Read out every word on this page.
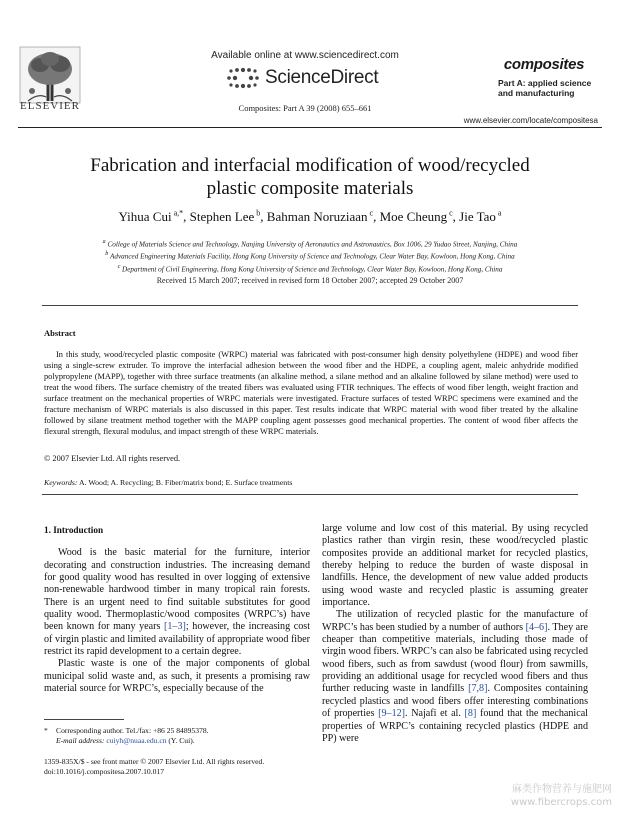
ELSEVIER
Available online at www.sciencedirect.com
ScienceDirect
Composites: Part A 39 (2008) 655–661
composites
Part A: applied science
and manufacturing
www.elsevier.com/locate/compositesa
Fabrication and interfacial modification of wood/recycled
plastic composite materials
Yihua Cui $^{a,*}$, Stephen Lee $^b$, Bahman Noruziaan $^c$, Moe Cheung $^c$, Jie Tao $^a$
$^a$ College of Materials Science and Technology, Nanjing University of Aeronautics and Astronautics, Box 1006, 29 Yudao Street, Nanjing, China
$^b$ Advanced Engineering Materials Facility, Hong Kong University of Science and Technology, Clear Water Bay, Kowloon, Hong Kong, China
$^c$ Department of Civil Engineering, Hong Kong University of Science and Technology, Clear Water Bay, Kowloon, Hong Kong, China
Received 15 March 2007; received in revised form 18 October 2007; accepted 29 October 2007
Abstract

In this study, wood/recycled plastic composite (WRPC) material was fabricated with post-consumer high density polyethylene (HDPE) and wood fiber using a single-screw extruder. To improve the interfacial adhesion between the wood fiber and the HDPE, a coupling agent, maleic anhydride modified polypropylene (MAPP), together with three surface treatments (an alkaline method, a silane method and an alkaline followed by silane method) were used to treat the wood fibers. The surface chemistry of the treated fibers was evaluated using FTIR techniques. The effects of wood fiber length, weight fraction and surface treatment on the mechanical properties of WRPC materials were investigated. Fracture surfaces of tested WRPC specimens were examined and the fracture mechanism of WRPC materials is also discussed in this paper. Test results indicate that WRPC material with wood fiber treated by the alkaline followed by silane treatment method together with the MAPP coupling agent possesses good mechanical properties. The content of wood fiber affects the flexural strength, flexural modulus, and impact strength of these WRPC materials.

© 2007 Elsevier Ltd. All rights reserved.
Keywords: A. Wood; A. Recycling; B. Fiber/matrix bond; E. Surface treatments

1. Introduction

Wood is the basic material for the furniture, interior decorating and construction industries. The increasing demand for good quality wood has resulted in over logging of extensive non-renewable hardwood timber in many tropical rain forests. There is an urgent need to find suitable substitutes for good quality wood. Thermoplastic/wood composites (WRPC’s) have been known for many years [1–3]; however, the increasing cost of virgin plastic and limited availability of appropriate wood fiber restrict its rapid development to a certain degree.

Plastic waste is one of the major components of global municipal solid waste and, as such, it presents a promising raw material source for WRPC’s, especially because of the

large volume and low cost of this material. By using recycled plastics rather than virgin resin, these wood/recycled plastic composites provide an additional market for recycled plastics, thereby helping to reduce the burden of waste disposal in landfills. Hence, the development of new value added products using wood waste and recycled plastic is assuming greater importance.

The utilization of recycled plastic for the manufacture of WRPC’s has been studied by a number of authors [4–6]. They are cheaper than competitive materials, including those made of virgin wood fibers. WRPC’s can also be fabricated using recycled wood fibers, such as from sawdust (wood flour) from sawmills, providing an additional usage for recycled wood fibers and thus further reducing waste in landfills [7,8]. Composites containing recycled plastics and wood fibers offer interesting combinations of properties [9–12]. Najafi et al. [8] found that the mechanical properties of WRPC’s containing recycled plastics (HDPE and PP) were

* Corresponding author. Tel./fax: +86 25 84895378.
E-mail address: cuiyh@nuaa.edu.cn (Y. Cui).
1359-835X/$ - see front matter © 2007 Elsevier Ltd. All rights reserved.
doi:10.1016/j.compositesa.2007.10.017
麻类作物营养与施肥网
www.fibercrops.com
